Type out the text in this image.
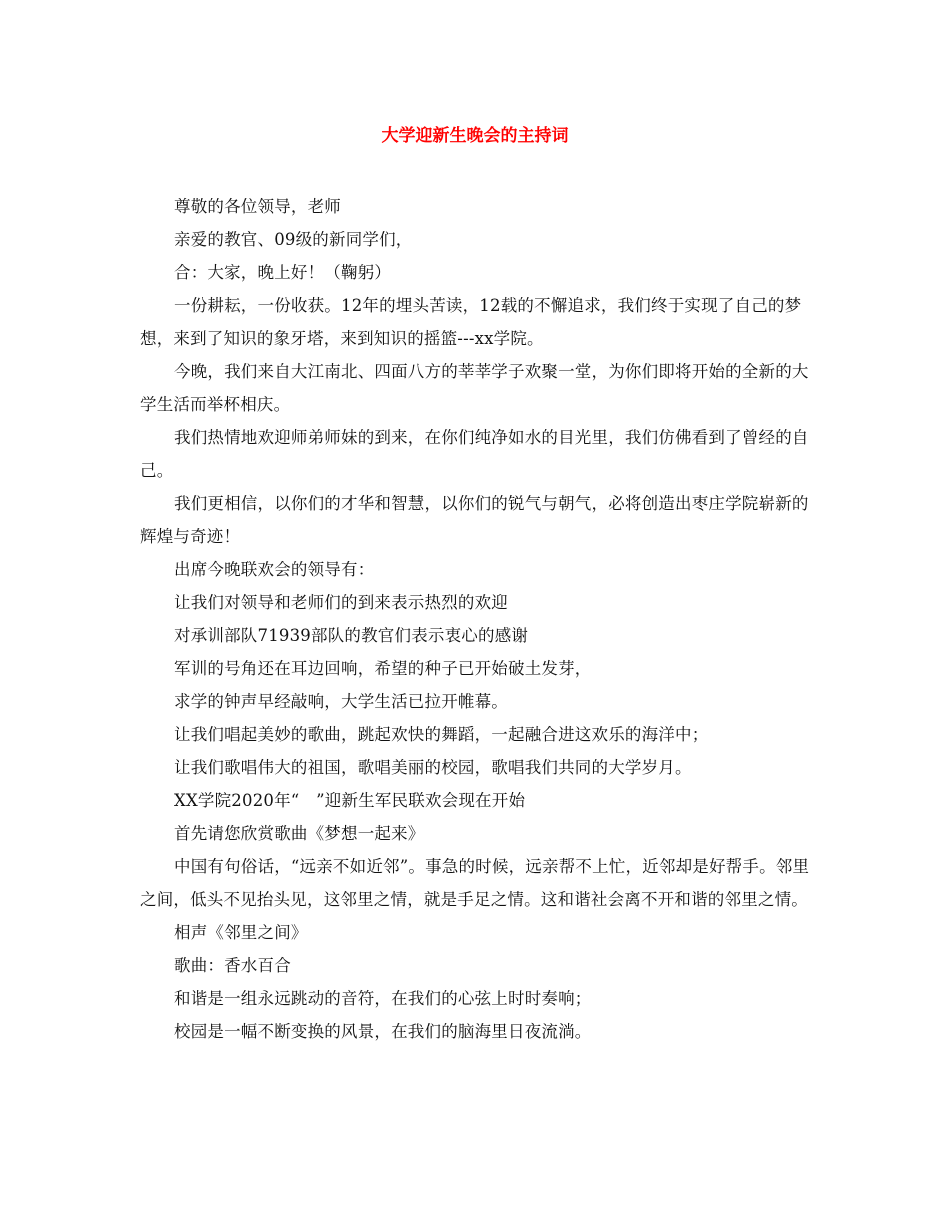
大学迎新生晚会的主持词

尊敬的各位领导，老师

亲爱的教官、09级的新同学们，

合：大家，晚上好！（鞠躬）

一份耕耘，一份收获。12年的埋头苦读，12载的不懈追求，我们终于实现了自己的梦想，来到了知识的象牙塔，来到知识的摇篮---xx学院。

今晚，我们来自大江南北、四面八方的莘莘学子欢聚一堂，为你们即将开始的全新的大学生活而举杯相庆。

我们热情地欢迎师弟师妹的到来，在你们纯净如水的目光里，我们仿佛看到了曾经的自己。

我们更相信，以你们的才华和智慧，以你们的锐气与朝气，必将创造出枣庄学院崭新的辉煌与奇迹！

出席今晚联欢会的领导有：

让我们对领导和老师们的到来表示热烈的欢迎

对承训部队71939部队的教官们表示衷心的感谢

军训的号角还在耳边回响，希望的种子已开始破土发芽，

求学的钟声早经敲响，大学生活已拉开帷幕。

让我们唱起美妙的歌曲，跳起欢快的舞蹈，一起融合进这欢乐的海洋中；

让我们歌唱伟大的祖国，歌唱美丽的校园，歌唱我们共同的大学岁月。

XX学院2020年“　”迎新生军民联欢会现在开始

首先请您欣赏歌曲《梦想一起来》

中国有句俗话，“远亲不如近邻”。事急的时候，远亲帮不上忙，近邻却是好帮手。邻里之间，低头不见抬头见，这邻里之情，就是手足之情。这和谐社会离不开和谐的邻里之情。

相声《邻里之间》

歌曲：香水百合

和谐是一组永远跳动的音符，在我们的心弦上时时奏响；

校园是一幅不断变换的风景，在我们的脑海里日夜流淌。
